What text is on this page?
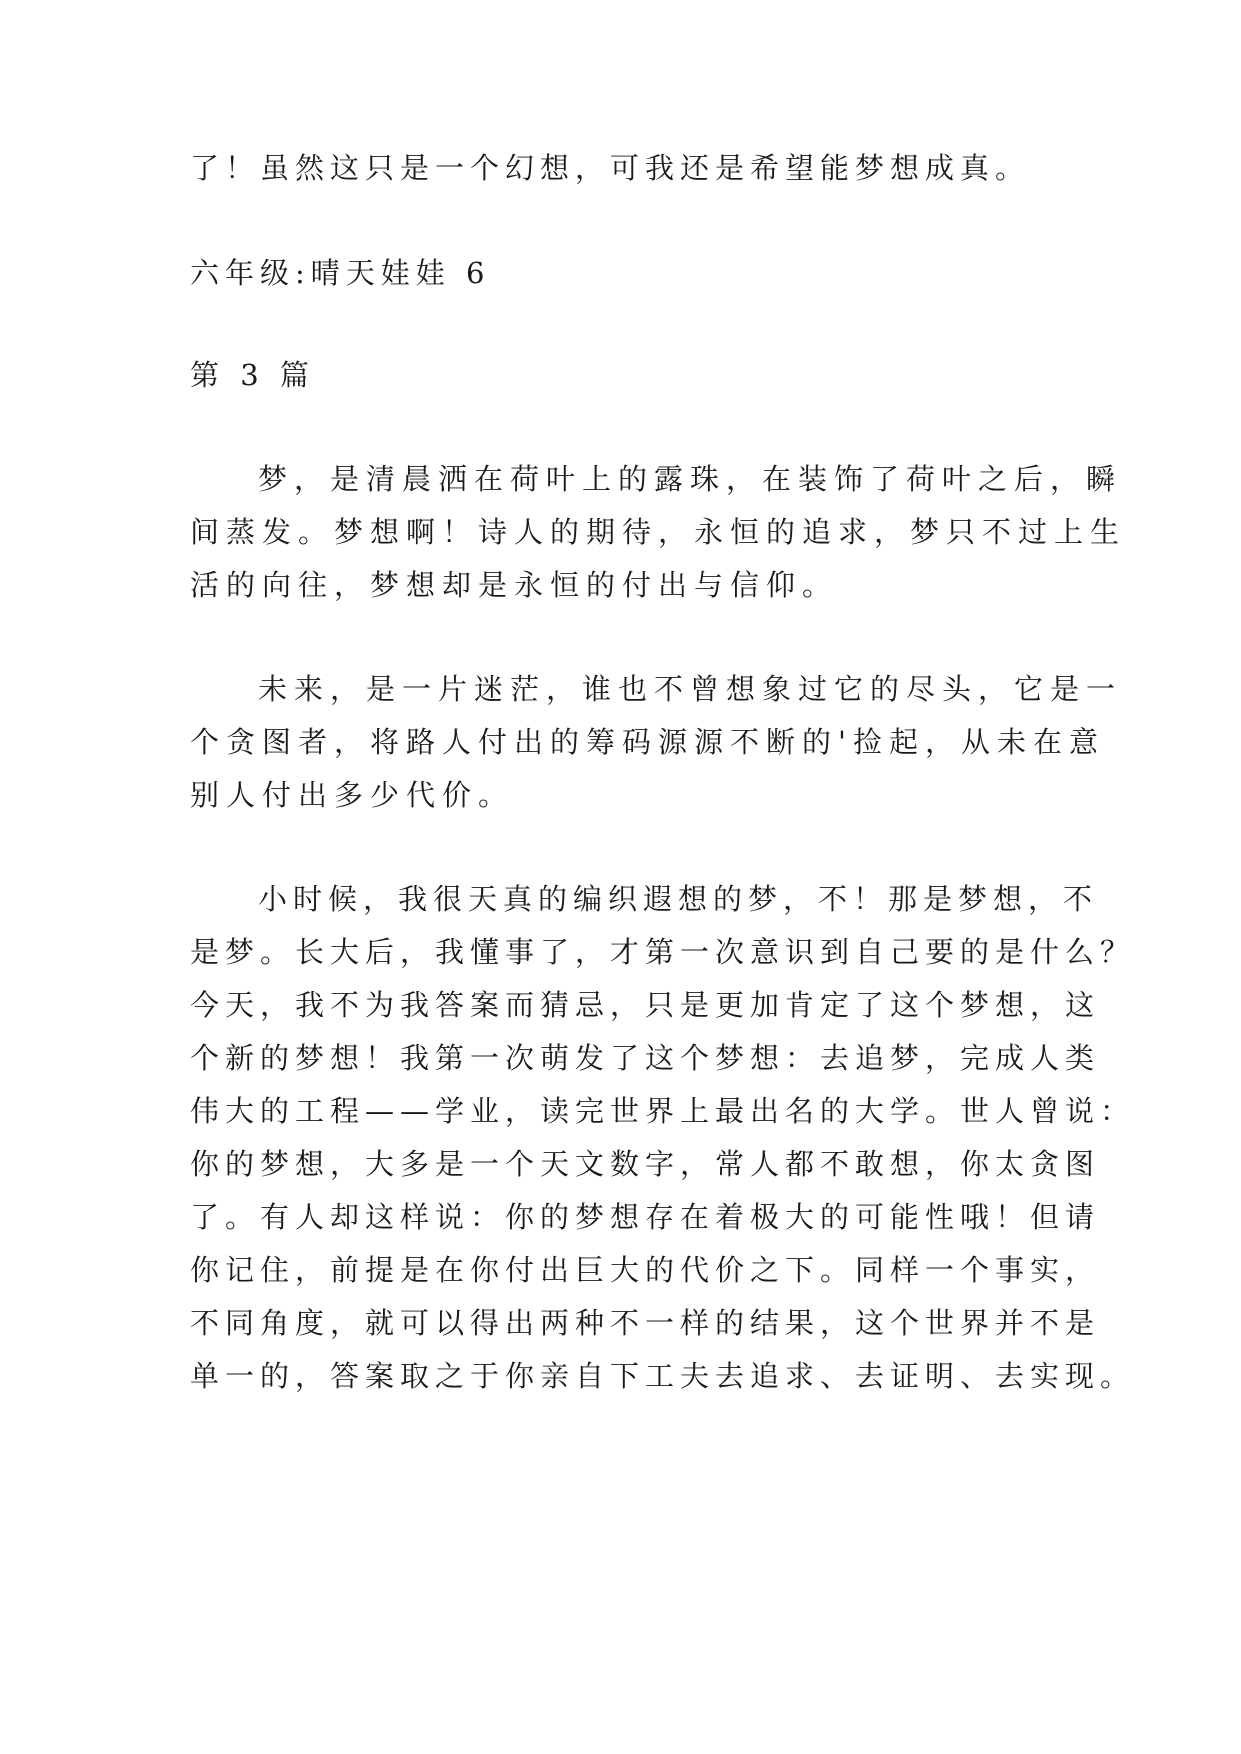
了！虽然这只是一个幻想，可我还是希望能梦想成真。
六年级:晴天娃娃 6
第 3 篇
梦，是清晨洒在荷叶上的露珠，在装饰了荷叶之后，瞬
间蒸发。梦想啊！诗人的期待，永恒的追求，梦只不过上生
活的向往，梦想却是永恒的付出与信仰。
未来，是一片迷茫，谁也不曾想象过它的尽头，它是一
个贪图者，将路人付出的筹码源源不断的'捡起，从未在意
别人付出多少代价。
小时候，我很天真的编织遐想的梦，不！那是梦想，不
是梦。长大后，我懂事了，才第一次意识到自己要的是什么？
今天，我不为我答案而猜忌，只是更加肯定了这个梦想，这
个新的梦想！我第一次萌发了这个梦想：去追梦，完成人类
伟大的工程——学业，读完世界上最出名的大学。世人曾说：
你的梦想，大多是一个天文数字，常人都不敢想，你太贪图
了。有人却这样说：你的梦想存在着极大的可能性哦！但请
你记住，前提是在你付出巨大的代价之下。同样一个事实，
不同角度，就可以得出两种不一样的结果，这个世界并不是
单一的，答案取之于你亲自下工夫去追求、去证明、去实现。
